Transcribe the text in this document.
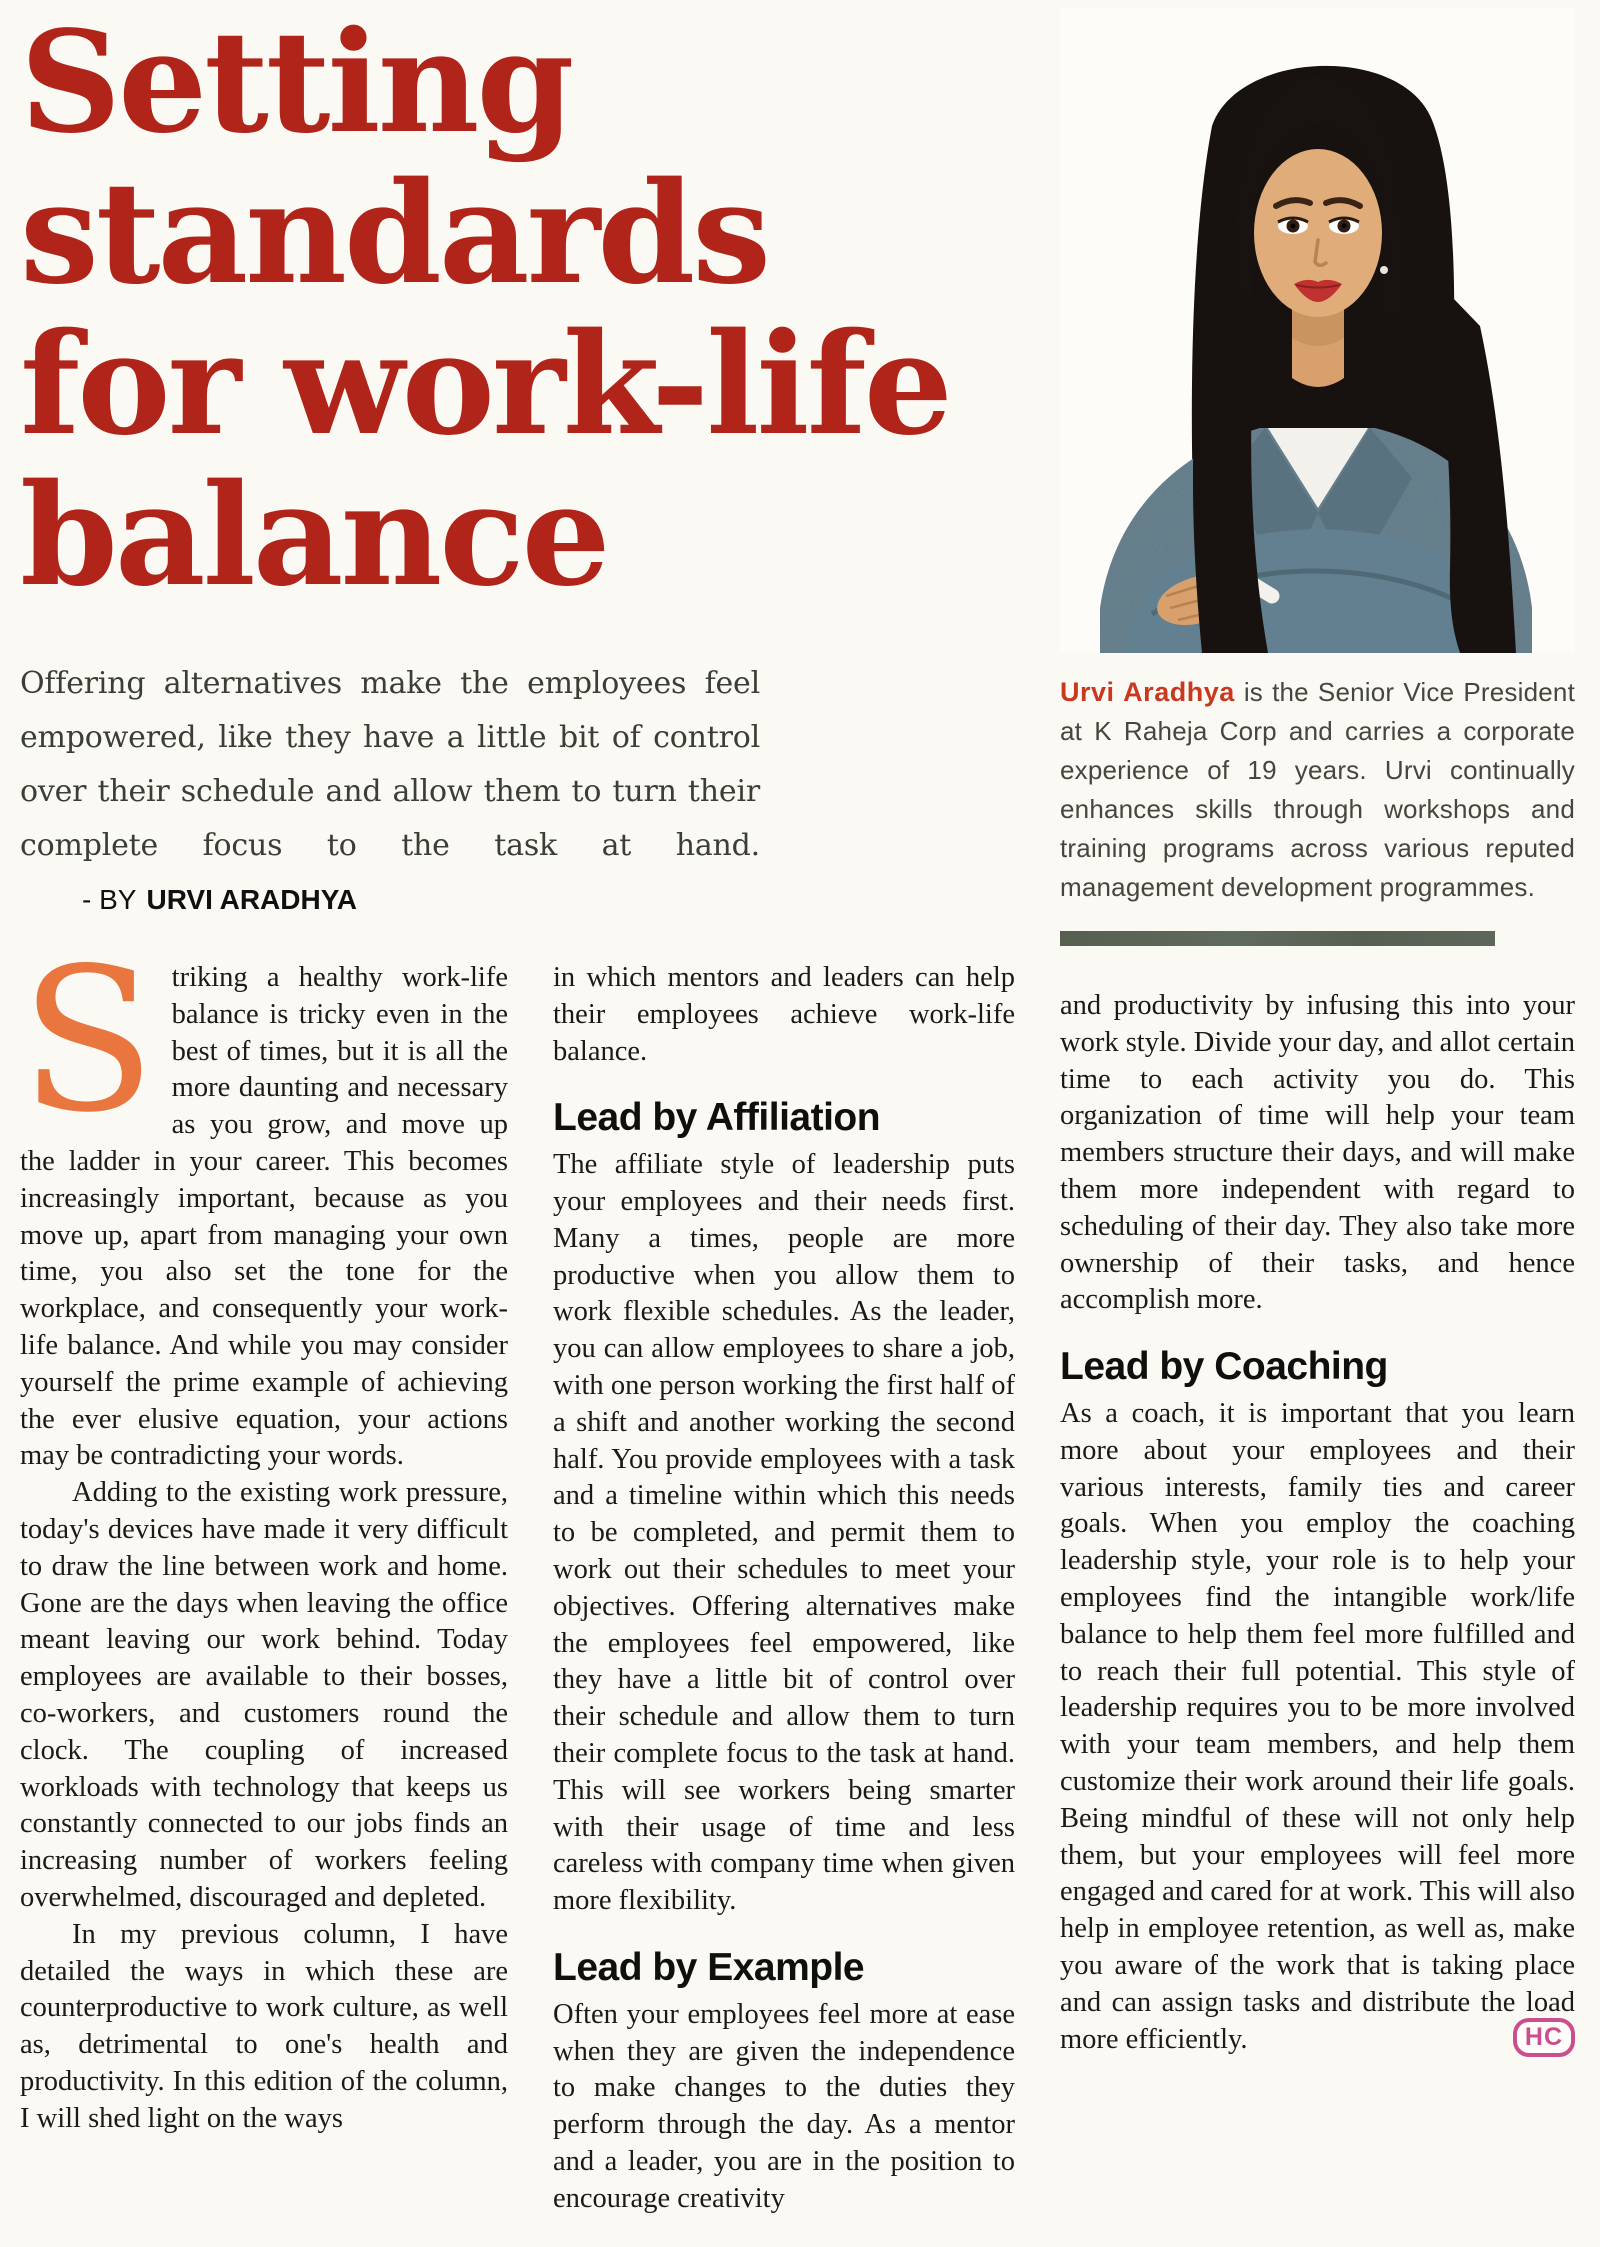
Setting
standards
for work-life
balance

Offering alternatives make the employees feel empowered, like they have a little bit of control over their schedule and allow them to turn their complete focus to the task at hand.- BY URVI ARADHYA

Urvi Aradhya is the Senior Vice President at K Raheja Corp and carries a corporate experience of 19 years. Urvi continually enhances skills through workshops and training programs across various reputed management development programmes.

Striking a healthy work-life balance is tricky even in the best of times, but it is all the more daunting and necessary as you grow, and move up the ladder in your career. This becomes increasingly important, because as you move up, apart from managing your own time, you also set the tone for the workplace, and consequently your work-life balance. And while you may consider yourself the prime example of achieving the ever elusive equation, your actions may be contradicting your words.

Adding to the existing work pressure, today's devices have made it very difficult to draw the line between work and home. Gone are the days when leaving the office meant leaving our work behind. Today employees are available to their bosses, co-workers, and customers round the clock. The coupling of increased workloads with technology that keeps us constantly connected to our jobs finds an increasing number of workers feeling overwhelmed, discouraged and depleted.

In my previous column, I have detailed the ways in which these are counterproductive to work culture, as well as, detrimental to one's health and productivity. In this edition of the column, I will shed light on the ways

in which mentors and leaders can help their employees achieve work-life balance.

Lead by Affiliation

The affiliate style of leadership puts your employees and their needs first. Many a times, people are more productive when you allow them to work flexible schedules. As the leader, you can allow employees to share a job, with one person working the first half of a shift and another working the second half. You provide employees with a task and a timeline within which this needs to be completed, and permit them to work out their schedules to meet your objectives. Offering alternatives make the employees feel empowered, like they have a little bit of control over their schedule and allow them to turn their complete focus to the task at hand. This will see workers being smarter with their usage of time and less careless with company time when given more flexibility.

Lead by Example

Often your employees feel more at ease when they are given the independence to make changes to the duties they perform through the day. As a mentor and a leader, you are in the position to encourage creativity

and productivity by infusing this into your work style. Divide your day, and allot certain time to each activity you do. This organization of time will help your team members structure their days, and will make them more independent with regard to scheduling of their day. They also take more ownership of their tasks, and hence accomplish more.

Lead by Coaching

As a coach, it is important that you learn more about your employees and their various interests, family ties and career goals. When you employ the coaching leadership style, your role is to help your employees find the intangible work/life balance to help them feel more fulfilled and to reach their full potential. This style of leadership requires you to be more involved with your team members, and help them customize their work around their life goals. Being mindful of these will not only help them, but your employees will feel more engaged and cared for at work. This will also help in employee retention, as well as, make you aware of the work that is taking place and can assign tasks and distribute the load more efficiently.	HC
